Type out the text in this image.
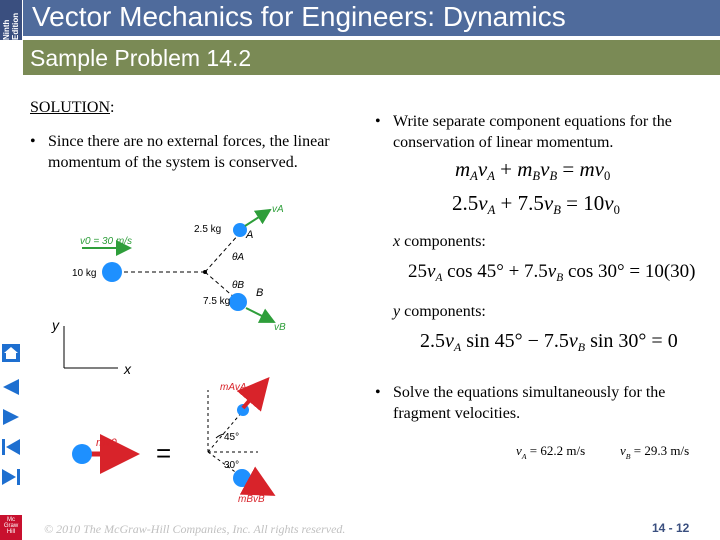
Ninth Edition Vector Mechanics for Engineers: Dynamics
Sample Problem 14.2
Mc
Graw
Hill
SOLUTION:
• Since there are no external forces, the linear momentum of the system is conserved.
• Write separate component equations for the conservation of linear momentum.
x components:
y components:
• Solve the equations simultaneously for the fragment velocities.
$m_Av_A + m_Bv_B = mv_0$
$2.5v_A + 7.5v_B = 10v_0$
$25v_A$ $\cos 45^\circ + 7.5v_B$ cos 30° = 10(30)
$2.5v_A$ $\sin 45^\circ - 7.5v_B$ sin 30° = 0
$v_A = 62.2$ m/s	$v_B = 29.3$ m/s
v0 = 30 m/s
10 kg
2.5 kg
7.5 kg
A
B
θA
θB
vA
vB
y
x
mv0 =
45°
30°
mAvA
mBvB
© 2010 The McGraw-Hill Companies, Inc. All rights reserved.	14 - 12
